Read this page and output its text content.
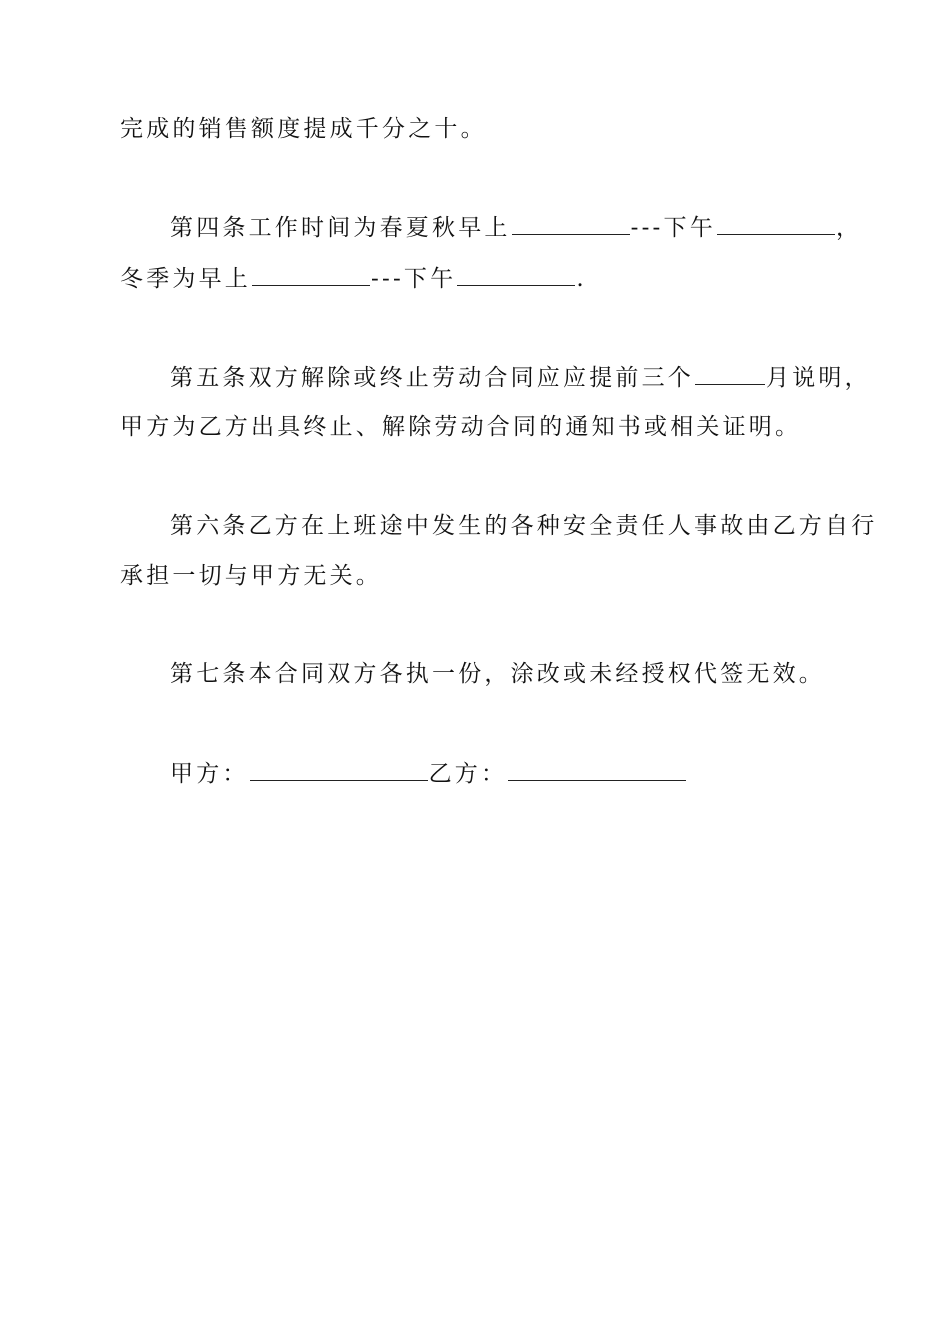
完成的销售额度提成千分之十。
第四条工作时间为春夏秋早上	---下午	，
冬季为早上	---下午	.
第五条双方解除或终止劳动合同应应提前三个	月说明，
甲方为乙方出具终止、解除劳动合同的通知书或相关证明。
第六条乙方在上班途中发生的各种安全责任人事故由乙方自行
承担一切与甲方无关。
第七条本合同双方各执一份，涂改或未经授权代签无效。
甲方：	乙方：
